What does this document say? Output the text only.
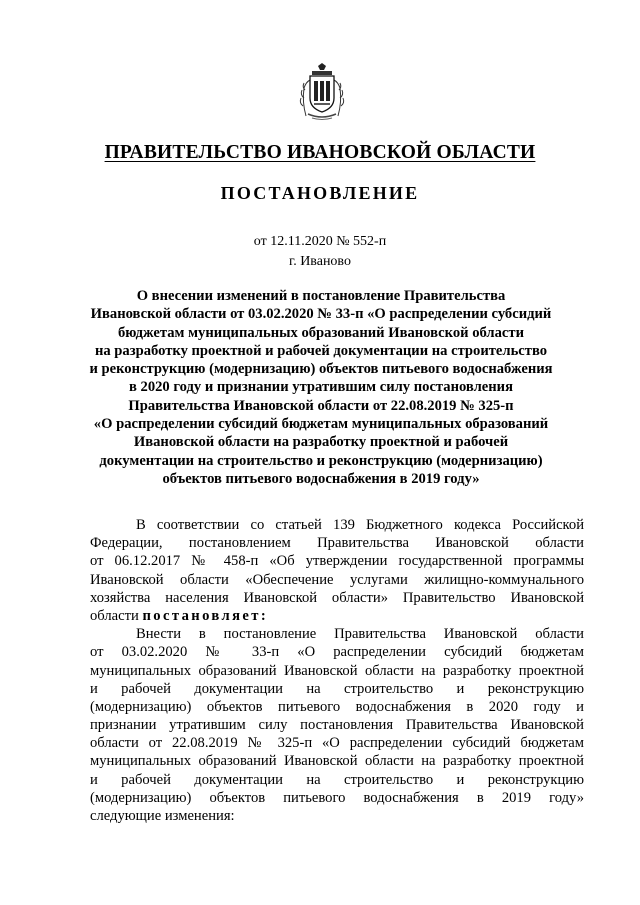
ПРАВИТЕЛЬСТВО ИВАНОВСКОЙ ОБЛАСТИ
ПОСТАНОВЛЕНИЕ
от 12.11.2020 № 552-п
г. Иваново
О внесении изменений в постановление Правительства
Ивановской области от 03.02.2020 № 33-п «О распределении субсидий
бюджетам муниципальных образований Ивановской области
на разработку проектной и рабочей документации на строительство
и реконструкцию (модернизацию) объектов питьевого водоснабжения
в 2020 году и признании утратившим силу постановления
Правительства Ивановской области от 22.08.2019 № 325-п
«О распределении субсидий бюджетам муниципальных образований
Ивановской области на разработку проектной и рабочей
документации на строительство и реконструкцию (модернизацию)
объектов питьевого водоснабжения в 2019 году»
В соответствии со статьей 139 Бюджетного кодекса Российской
Федерации, постановлением Правительства Ивановской области
от 06.12.2017 № 458-п «Об утверждении государственной программы
Ивановской области «Обеспечение услугами жилищно-коммунального
хозяйства населения Ивановской области» Правительство Ивановской
области постановляет:
Внести в постановление Правительства Ивановской области
от 03.02.2020 № 33-п «О распределении субсидий бюджетам
муниципальных образований Ивановской области на разработку проектной
и рабочей документации на строительство и реконструкцию
(модернизацию) объектов питьевого водоснабжения в 2020 году и
признании утратившим силу постановления Правительства Ивановской
области от 22.08.2019 № 325-п «О распределении субсидий бюджетам
муниципальных образований Ивановской области на разработку проектной
и рабочей документации на строительство и реконструкцию
(модернизацию) объектов питьевого водоснабжения в 2019 году»
следующие изменения:
